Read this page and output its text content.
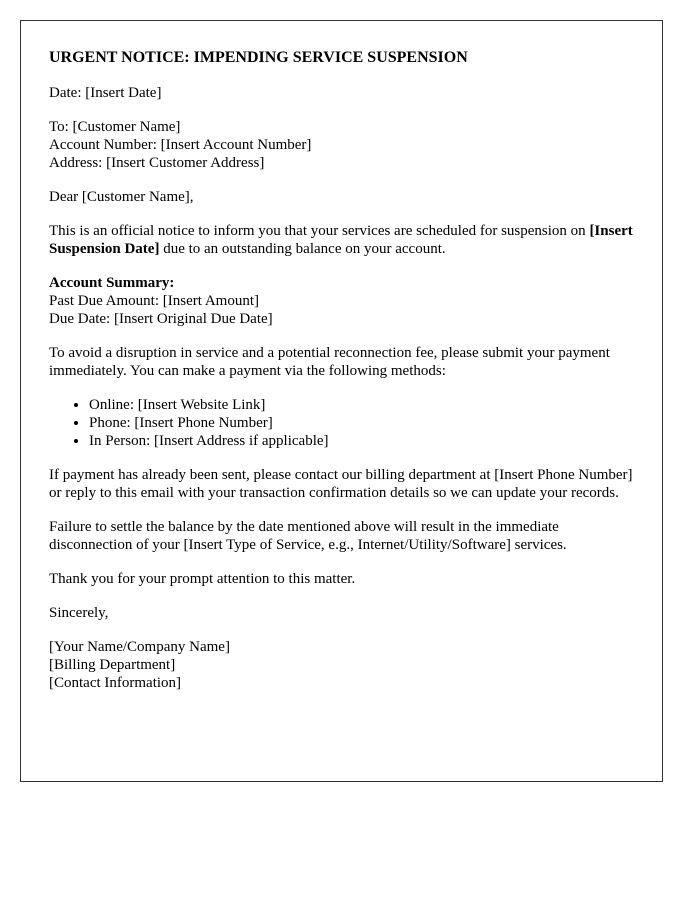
URGENT NOTICE: IMPENDING SERVICE SUSPENSION

Date: [Insert Date]

To: [Customer Name]
Account Number: [Insert Account Number]
Address: [Insert Customer Address]

Dear [Customer Name],

This is an official notice to inform you that your services are scheduled for suspension on [Insert Suspension Date] due to an outstanding balance on your account.

Account Summary:
Past Due Amount: [Insert Amount]
Due Date: [Insert Original Due Date]

To avoid a disruption in service and a potential reconnection fee, please submit your payment immediately. You can make a payment via the following methods:

• Online: [Insert Website Link]
• Phone: [Insert Phone Number]
• In Person: [Insert Address if applicable]

If payment has already been sent, please contact our billing department at [Insert Phone Number] or reply to this email with your transaction confirmation details so we can update your records.

Failure to settle the balance by the date mentioned above will result in the immediate disconnection of your [Insert Type of Service, e.g., Internet/Utility/Software] services.

Thank you for your prompt attention to this matter.

Sincerely,

[Your Name/Company Name]
[Billing Department]
[Contact Information]
